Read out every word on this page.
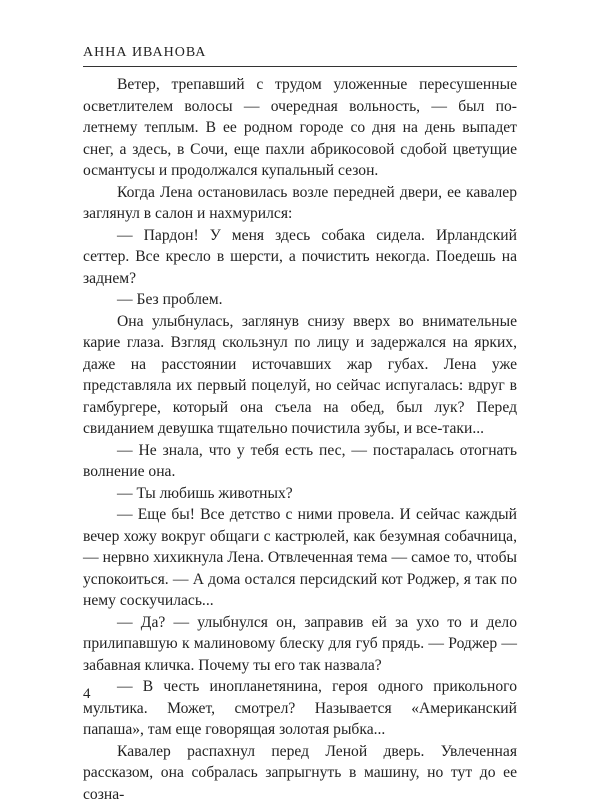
АННА ИВАНОВА

Ветер, трепавший с трудом уложенные пересушенные осветлителем волосы — очередная вольность, — был по-летнему теплым. В ее родном городе со дня на день выпадет снег, а здесь, в Сочи, еще пахли абрикосовой сдобой цветущие османтусы и продолжался купальный сезон.

Когда Лена остановилась возле передней двери, ее кавалер заглянул в салон и нахмурился:

— Пардон! У меня здесь собака сидела. Ирландский сеттер. Все кресло в шерсти, а почистить некогда. Поедешь на заднем?

— Без проблем.

Она улыбнулась, заглянув снизу вверх во внимательные карие глаза. Взгляд скользнул по лицу и задержался на ярких, даже на расстоянии источавших жар губах. Лена уже представляла их первый поцелуй, но сейчас испугалась: вдруг в гамбургере, который она съела на обед, был лук? Перед свиданием девушка тщательно почистила зубы, и все-таки...

— Не знала, что у тебя есть пес, — постаралась отогнать волнение она.

— Ты любишь животных?

— Еще бы! Все детство с ними провела. И сейчас каждый вечер хожу вокруг общаги с кастрюлей, как безумная собачница, — нервно хихикнула Лена. Отвлеченная тема — самое то, чтобы успокоиться. — А дома остался персидский кот Роджер, я так по нему соскучилась...

— Да? — улыбнулся он, заправив ей за ухо то и дело прилипавшую к малиновому блеску для губ прядь. — Роджер — забавная кличка. Почему ты его так назвала?

— В честь инопланетянина, героя одного прикольного мультика. Может, смотрел? Называется «Американский папаша», там еще говорящая золотая рыбка...

Кавалер распахнул перед Леной дверь. Увлеченная рассказом, она собралась запрыгнуть в машину, но тут до ее созна-

4
